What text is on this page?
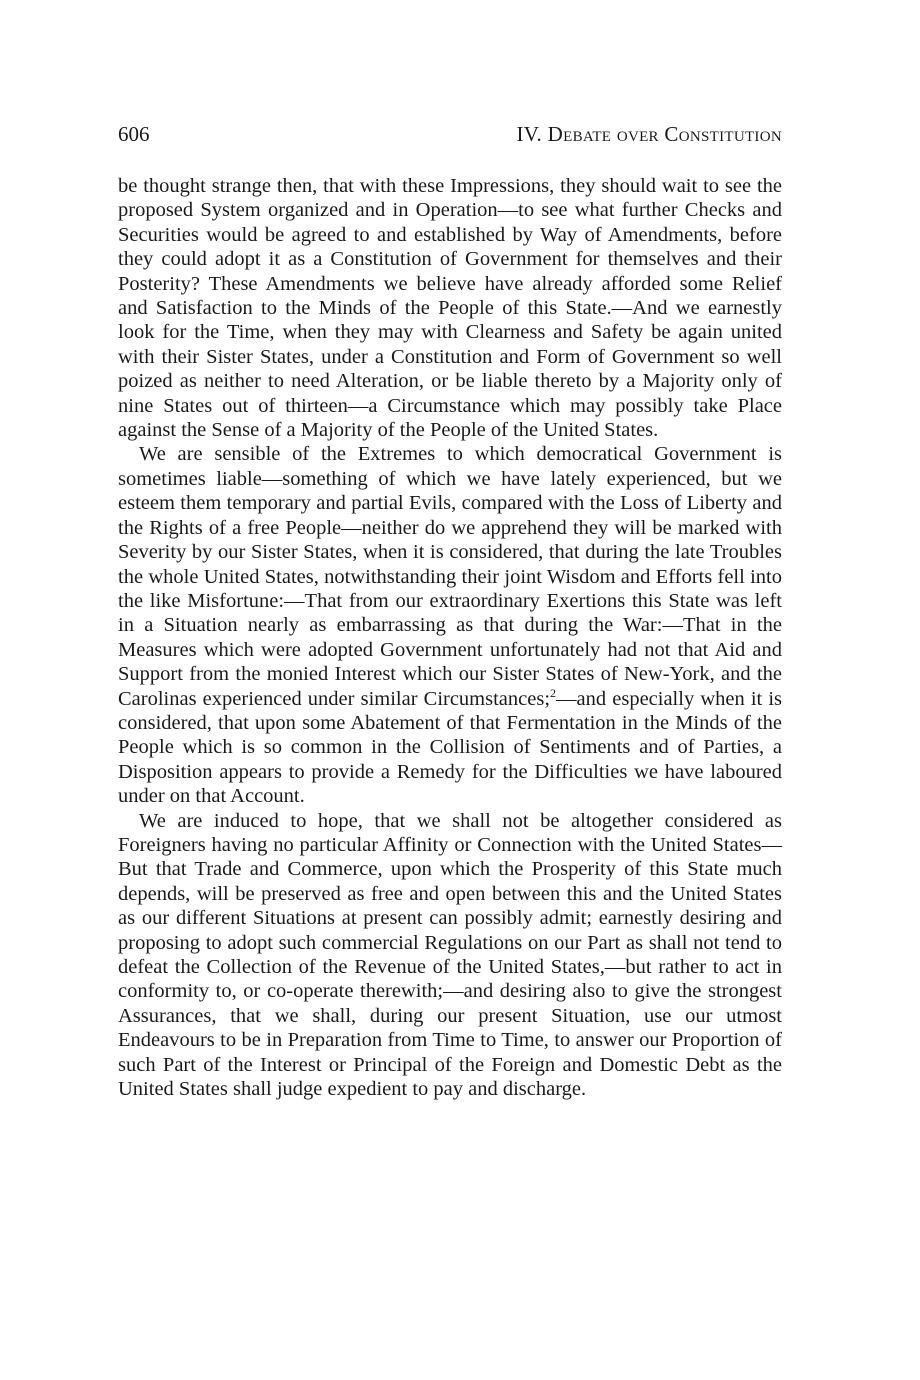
606	IV. Debate over Constitution

be thought strange then, that with these Impressions, they should wait to see the proposed System organized and in Operation—to see what further Checks and Securities would be agreed to and established by Way of Amendments, before they could adopt it as a Constitution of Government for themselves and their Posterity? These Amendments we believe have already afforded some Relief and Satisfaction to the Minds of the People of this State.—And we earnestly look for the Time, when they may with Clearness and Safety be again united with their Sister States, under a Constitution and Form of Government so well poized as neither to need Alteration, or be liable thereto by a Majority only of nine States out of thirteen—a Circumstance which may possibly take Place against the Sense of a Majority of the People of the United States.

We are sensible of the Extremes to which democratical Government is sometimes liable—something of which we have lately experienced, but we esteem them temporary and partial Evils, compared with the Loss of Liberty and the Rights of a free People—neither do we apprehend they will be marked with Severity by our Sister States, when it is considered, that during the late Troubles the whole United States, notwithstanding their joint Wisdom and Efforts fell into the like Misfortune:—That from our extraordinary Exertions this State was left in a Situation nearly as embarrassing as that during the War:—That in the Measures which were adopted Government unfortunately had not that Aid and Support from the monied Interest which our Sister States of New-York, and the Carolinas experienced under similar Circumstances;$^2$—and especially when it is considered, that upon some Abatement of that Fermentation in the Minds of the People which is so common in the Collision of Sentiments and of Parties, a Disposition appears to provide a Remedy for the Difficulties we have laboured under on that Account.

We are induced to hope, that we shall not be altogether considered as Foreigners having no particular Affinity or Connection with the United States—But that Trade and Commerce, upon which the Prosperity of this State much depends, will be preserved as free and open between this and the United States as our different Situations at present can possibly admit; earnestly desiring and proposing to adopt such commercial Regulations on our Part as shall not tend to defeat the Collection of the Revenue of the United States,—but rather to act in conformity to, or co-operate therewith;—and desiring also to give the strongest Assurances, that we shall, during our present Situation, use our utmost Endeavours to be in Preparation from Time to Time, to answer our Proportion of such Part of the Interest or Principal of the Foreign and Domestic Debt as the United States shall judge expedient to pay and discharge.
